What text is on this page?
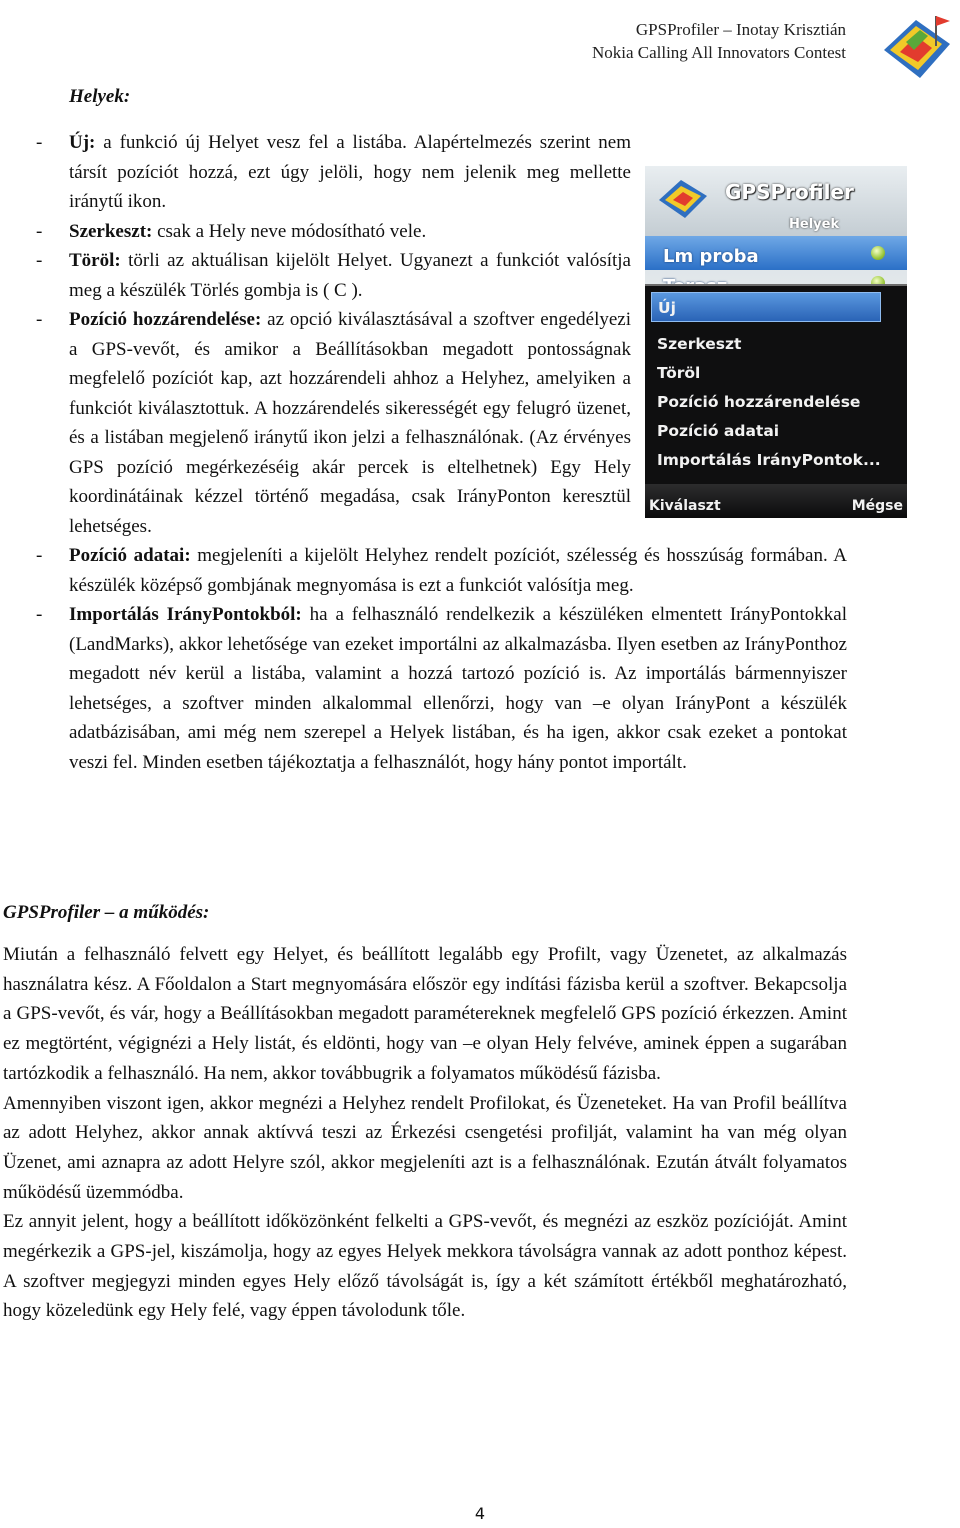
GPSProfiler – Inotay Krisztián
Nokia Calling All Innovators Contest
Helyek:
- GPSProfiler
Helyek
Lm proba
Új
Szerkeszt
Töröl
Pozíció hozzárendelése
Pozíció adatai
Importálás IrányPontok...
Kiválaszt	Mégse
Új: a funkció új Helyet vesz fel a listába. Alapértelmezés szerint nem társít pozíciót hozzá, ezt úgy jelöli, hogy nem jelenik meg mellette iránytű ikon.
- Szerkeszt: csak a Hely neve módosítható vele.
- Töröl: törli az aktuálisan kijelölt Helyet. Ugyanezt a funkciót valósítja meg a készülék Törlés gombja is ( C ).
- Pozíció hozzárendelése: az opció kiválasztásával a szoftver engedélyezi a GPS-vevőt, és amikor a Beállításokban megadott pontosságnak megfelelő pozíciót kap, azt hozzárendeli ahhoz a Helyhez, amelyiken a funkciót kiválasztottuk. A hozzárendelés sikerességét egy felugró üzenet, és a listában megjelenő iránytű ikon jelzi a felhasználónak. (Az érvényes GPS pozíció megérkezéséig akár percek is eltelhetnek) Egy Hely koordinátáinak kézzel történő megadása, csak IrányPonton keresztül lehetséges.
- Pozíció adatai: megjeleníti a kijelölt Helyhez rendelt pozíciót, szélesség és hosszúság formában. A készülék középső gombjának megnyomása is ezt a funkciót valósítja meg.
- Importálás IrányPontokból: ha a felhasználó rendelkezik a készüléken elmentett IrányPontokkal (LandMarks), akkor lehetősége van ezeket importálni az alkalmazásba. Ilyen esetben az IrányPonthoz megadott név kerül a listába, valamint a hozzá tartozó pozíció is. Az importálás bármennyiszer lehetséges, a szoftver minden alkalommal ellenőrzi, hogy van –e olyan IrányPont a készülék adatbázisában, ami még nem szerepel a Helyek listában, és ha igen, akkor csak ezeket a pontokat veszi fel. Minden esetben tájékoztatja a felhasználót, hogy hány pontot importált.
GPSProfiler – a működés:

Miután a felhasználó felvett egy Helyet, és beállított legalább egy Profilt, vagy Üzenetet, az alkalmazás használatra kész. A Főoldalon a Start megnyomására először egy indítási fázisba kerül a szoftver. Bekapcsolja a GPS-vevőt, és vár, hogy a Beállításokban megadott paramétereknek megfelelő GPS pozíció érkezzen. Amint ez megtörtént, végignézi a Hely listát, és eldönti, hogy van –e olyan Hely felvéve, aminek éppen a sugarában tartózkodik a felhasználó. Ha nem, akkor továbbugrik a folyamatos működésű fázisba.

Amennyiben viszont igen, akkor megnézi a Helyhez rendelt Profilokat, és Üzeneteket. Ha van Profil beállítva az adott Helyhez, akkor annak aktívvá teszi az Érkezési csengetési profilját, valamint ha van még olyan Üzenet, ami aznapra az adott Helyre szól, akkor megjeleníti azt is a felhasználónak. Ezután átvált folyamatos működésű üzemmódba.

Ez annyit jelent, hogy a beállított időközönként felkelti a GPS-vevőt, és megnézi az eszköz pozícióját. Amint megérkezik a GPS-jel, kiszámolja, hogy az egyes Helyek mekkora távolságra vannak az adott ponthoz képest. A szoftver megjegyzi minden egyes Hely előző távolságát is, így a két számított értékből meghatározható, hogy közeledünk egy Hely felé, vagy éppen távolodunk tőle.

4
